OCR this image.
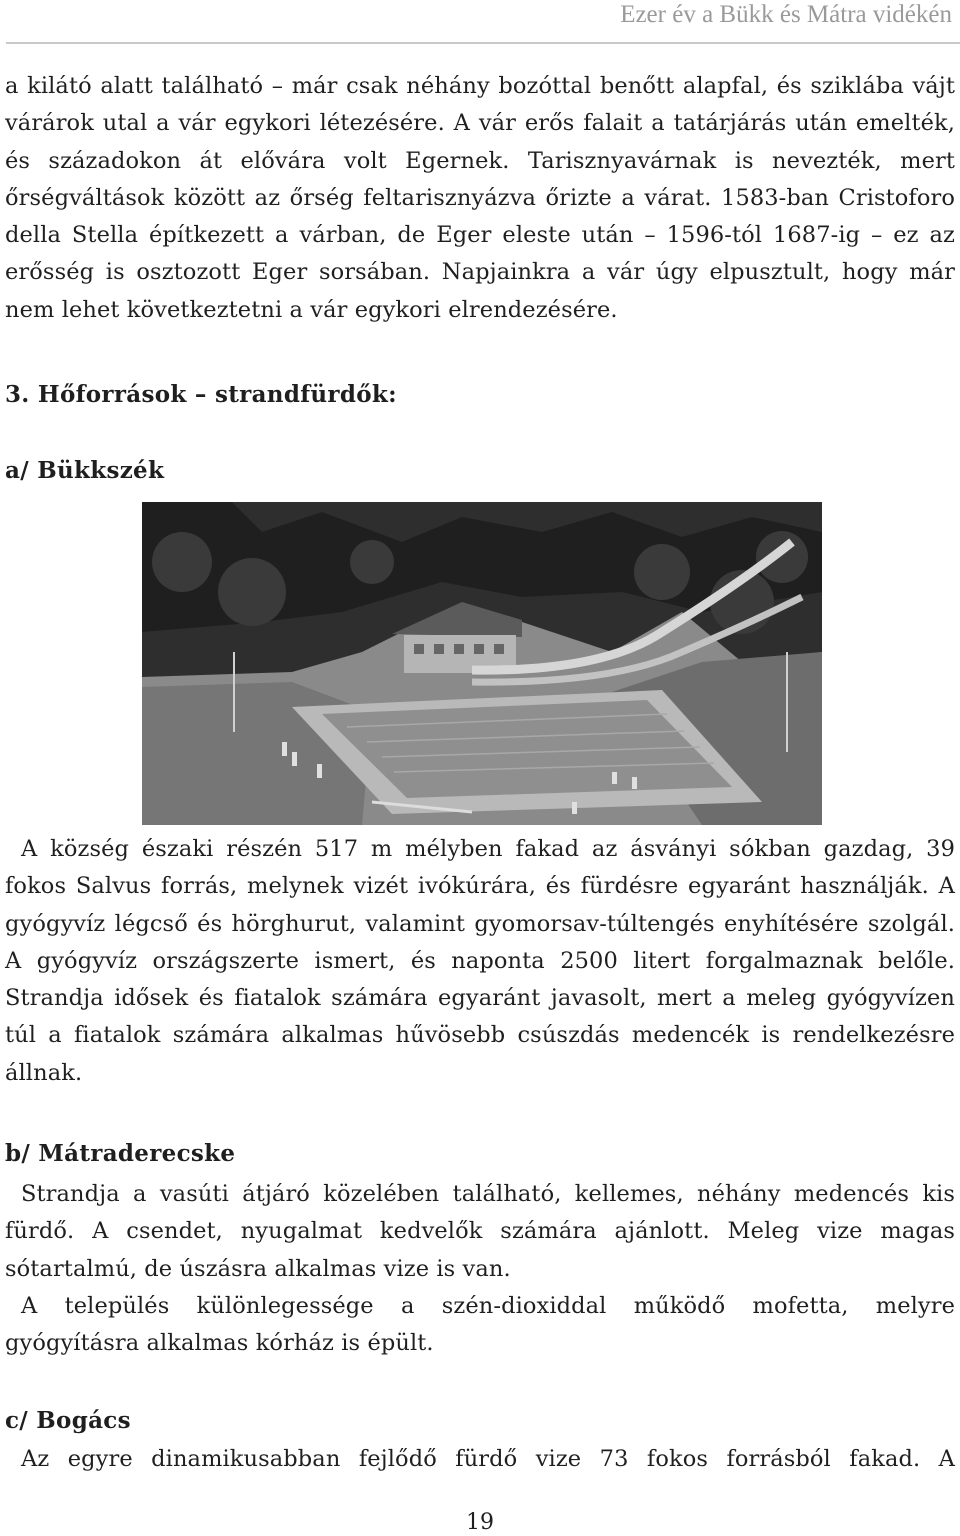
Ezer év a Bükk és Mátra vidékén

a kilátó alatt található – már csak néhány bozóttal benőtt alapfal, és sziklába vájt várárok utal a vár egykori létezésére. A vár erős falait a tatárjárás után emelték, és századokon át elővára volt Egernek. Tarisznyavárnak is nevezték, mert őrségváltások között az őrség feltarisznyázva őrizte a várat. 1583-ban Cristoforo della Stella építkezett a várban, de Eger eleste után – 1596-tól 1687-ig – ez az erősség is osztozott Eger sorsában. Napjainkra a vár úgy elpusztult, hogy már nem lehet következtetni a vár egykori elrendezésére.

3. Hőforrások – strandfürdők:
a/ Bükkszék

A község északi részén 517 m mélyben fakad az ásványi sókban gazdag, 39 fokos Salvus forrás, melynek vizét ivókúrára, és fürdésre egyaránt használják. A gyógyvíz légcső és hörghurut, valamint gyomorsav-túltengés enyhítésére szolgál. A gyógyvíz országszerte ismert, és naponta 2500 litert forgalmaznak belőle. Strandja idősek és fiatalok számára egyaránt javasolt, mert a meleg gyógyvízen túl a fiatalok számára alkalmas hűvösebb csúszdás medencék is rendelkezésre állnak.

b/ Mátraderecske

Strandja a vasúti átjáró közelében található, kellemes, néhány medencés kis fürdő. A csendet, nyugalmat kedvelők számára ajánlott. Meleg vize magas sótartalmú, de úszásra alkalmas vize is van.

A település különlegessége a szén-dioxiddal működő mofetta, melyre gyógyításra alkalmas kórház is épült.

c/ Bogács

Az egyre dinamikusabban fejlődő fürdő vize 73 fokos forrásból fakad. A

19
